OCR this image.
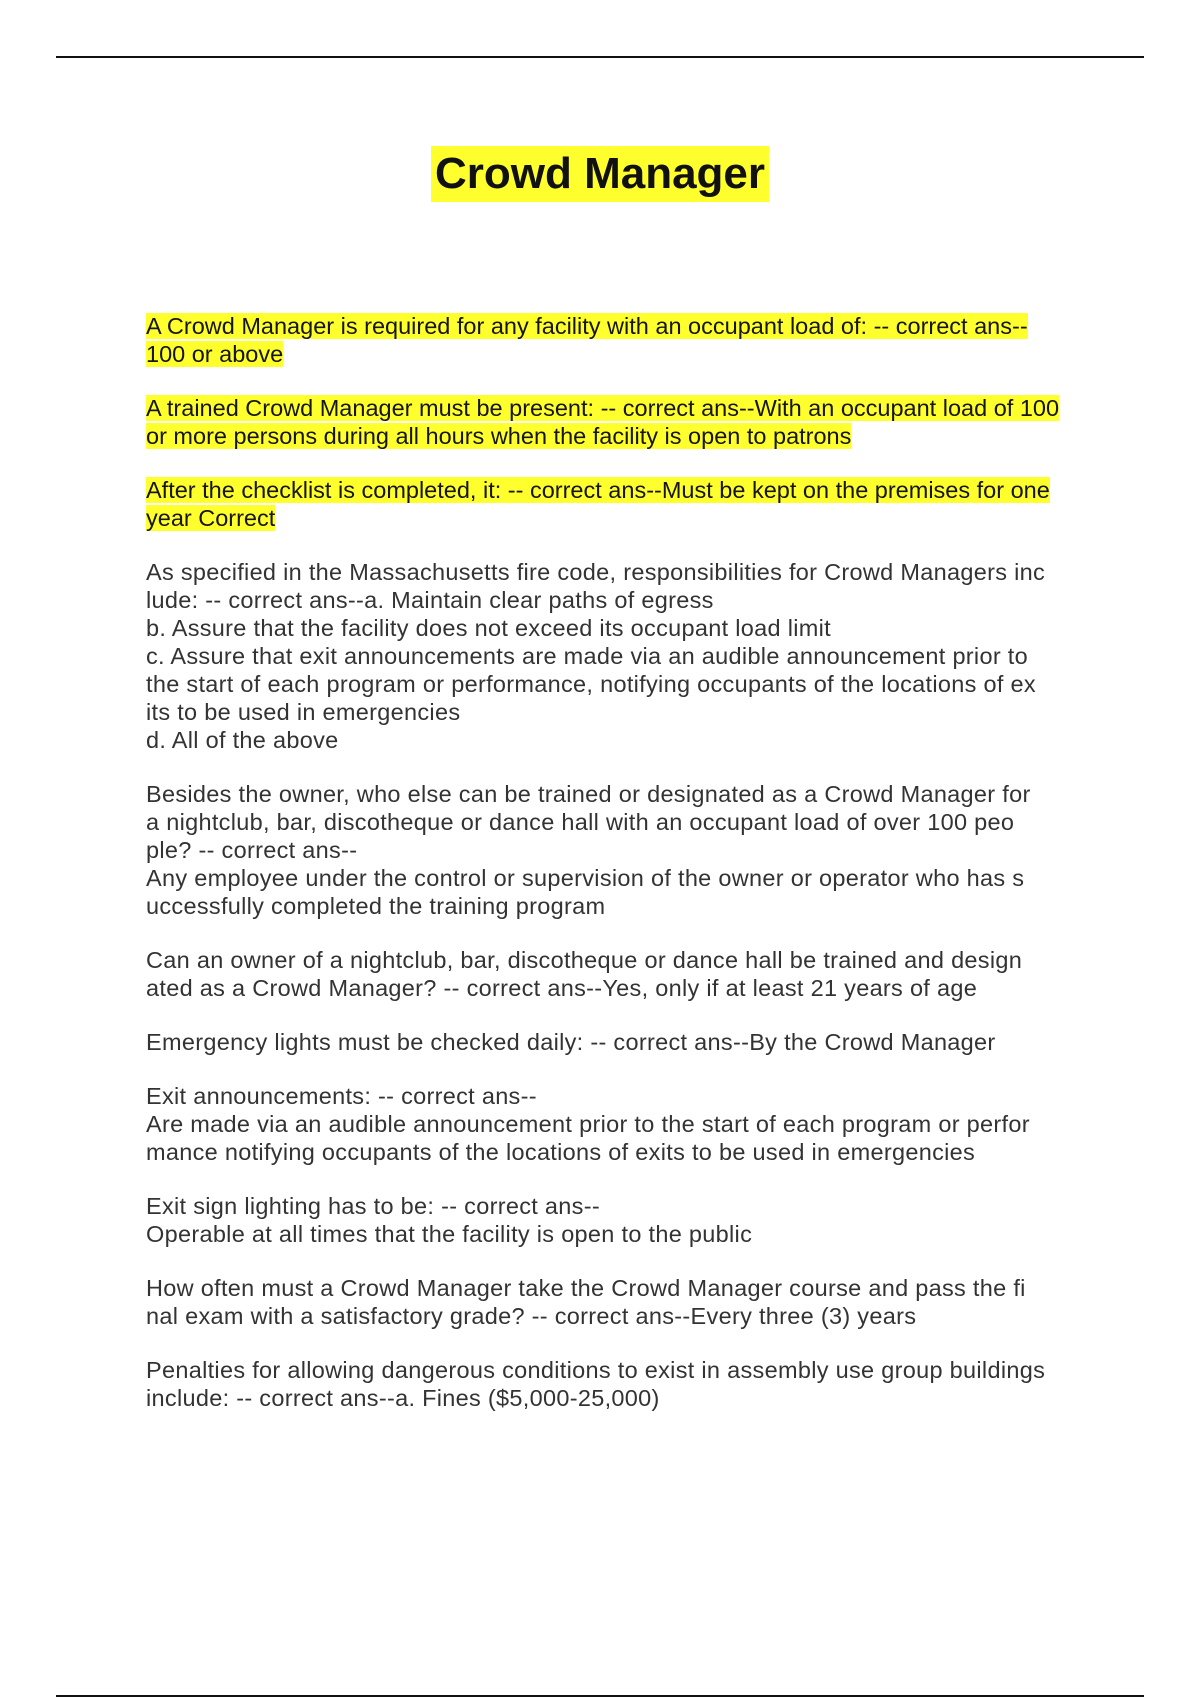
Crowd Manager
A Crowd Manager is required for any facility with an occupant load of: -- correct ans--
100 or above
A trained Crowd Manager must be present: -- correct ans--With an occupant load of 100
or more persons during all hours when the facility is open to patrons
After the checklist is completed, it: -- correct ans--Must be kept on the premises for one
year Correct
As specified in the Massachusetts fire code, responsibilities for Crowd Managers inc
lude: -- correct ans--a. Maintain clear paths of egress
b. Assure that the facility does not exceed its occupant load limit
c. Assure that exit announcements are made via an audible announcement prior to
the start of each program or performance, notifying occupants of the locations of ex
its to be used in emergencies
d. All of the above
Besides the owner, who else can be trained or designated as a Crowd Manager for
a nightclub, bar, discotheque or dance hall with an occupant load of over 100 peo
ple? -- correct ans--
Any employee under the control or supervision of the owner or operator who has s
uccessfully completed the training program
Can an owner of a nightclub, bar, discotheque or dance hall be trained and design
ated as a Crowd Manager? -- correct ans--Yes, only if at least 21 years of age
Emergency lights must be checked daily: -- correct ans--By the Crowd Manager
Exit announcements: -- correct ans--
Are made via an audible announcement prior to the start of each program or perfor
mance notifying occupants of the locations of exits to be used in emergencies
Exit sign lighting has to be: -- correct ans--
Operable at all times that the facility is open to the public
How often must a Crowd Manager take the Crowd Manager course and pass the fi
nal exam with a satisfactory grade? -- correct ans--Every three (3) years
Penalties for allowing dangerous conditions to exist in assembly use group buildings
include: -- correct ans--a. Fines ($5,000-25,000)
